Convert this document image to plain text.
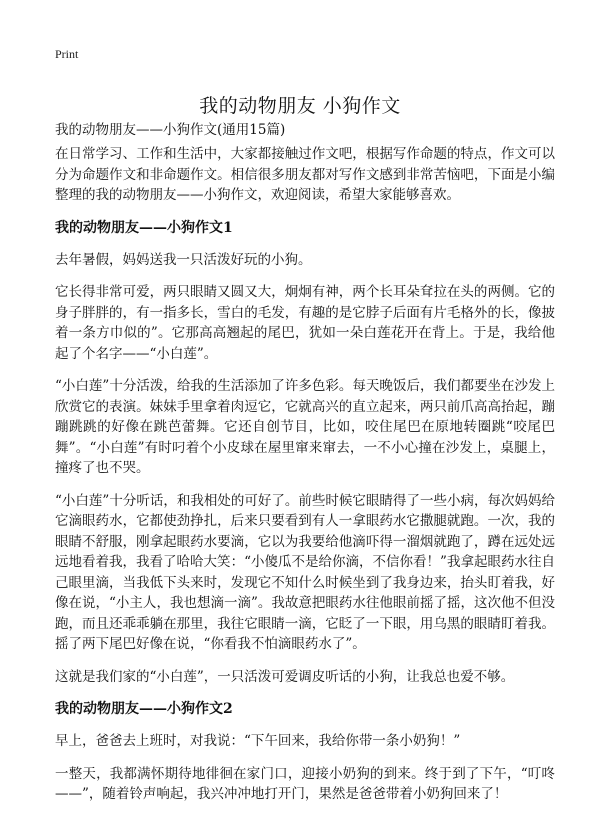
Print
我的动物朋友 小狗作文
我的动物朋友——小狗作文(通用15篇)

在日常学习、工作和生活中，大家都接触过作文吧，根据写作命题的特点，作文可以分为命题作文和非命题作文。相信很多朋友都对写作文感到非常苦恼吧，下面是小编整理的我的动物朋友——小狗作文，欢迎阅读，希望大家能够喜欢。

我的动物朋友——小狗作文1

去年暑假，妈妈送我一只活泼好玩的小狗。

它长得非常可爱，两只眼睛又圆又大，炯炯有神，两个长耳朵耷拉在头的两侧。它的身子胖胖的，有一指多长，雪白的毛发，有趣的是它脖子后面有片毛格外的长，像披着一条方巾似的”。它那高高翘起的尾巴，犹如一朵白莲花开在背上。于是，我给他起了个名字——“小白莲”。

“小白莲”十分活泼，给我的生活添加了许多色彩。每天晚饭后，我们都要坐在沙发上欣赏它的表演。妹妹手里拿着肉逗它，它就高兴的直立起来，两只前爪高高抬起，蹦蹦跳跳的好像在跳芭蕾舞。它还自创节目，比如，咬住尾巴在原地转圈跳“咬尾巴舞”。“小白莲”有时叼着个小皮球在屋里窜来窜去，一不小心撞在沙发上，桌腿上，撞疼了也不哭。

“小白莲”十分听话，和我相处的可好了。前些时候它眼睛得了一些小病，每次妈妈给它滴眼药水，它都使劲挣扎，后来只要看到有人一拿眼药水它撒腿就跑。一次，我的眼睛不舒服，刚拿起眼药水要滴，它以为我要给他滴吓得一溜烟就跑了，蹲在远处远远地看着我，我看了哈哈大笑：“小傻瓜不是给你滴，不信你看！”我拿起眼药水往自己眼里滴，当我低下头来时，发现它不知什么时候坐到了我身边来，抬头盯着我，好像在说，“小主人，我也想滴一滴”。我故意把眼药水往他眼前摇了摇，这次他不但没跑，而且还乖乖躺在那里，我往它眼睛一滴，它眨了一下眼，用乌黑的眼睛盯着我。摇了两下尾巴好像在说，“你看我不怕滴眼药水了”。

这就是我们家的“小白莲”，一只活泼可爱调皮听话的小狗，让我总也爱不够。

我的动物朋友——小狗作文2

早上，爸爸去上班时，对我说：“下午回来，我给你带一条小奶狗！”

一整天，我都满怀期待地徘徊在家门口，迎接小奶狗的到来。终于到了下午，“叮咚——”，随着铃声响起，我兴冲冲地打开门，果然是爸爸带着小奶狗回来了！
